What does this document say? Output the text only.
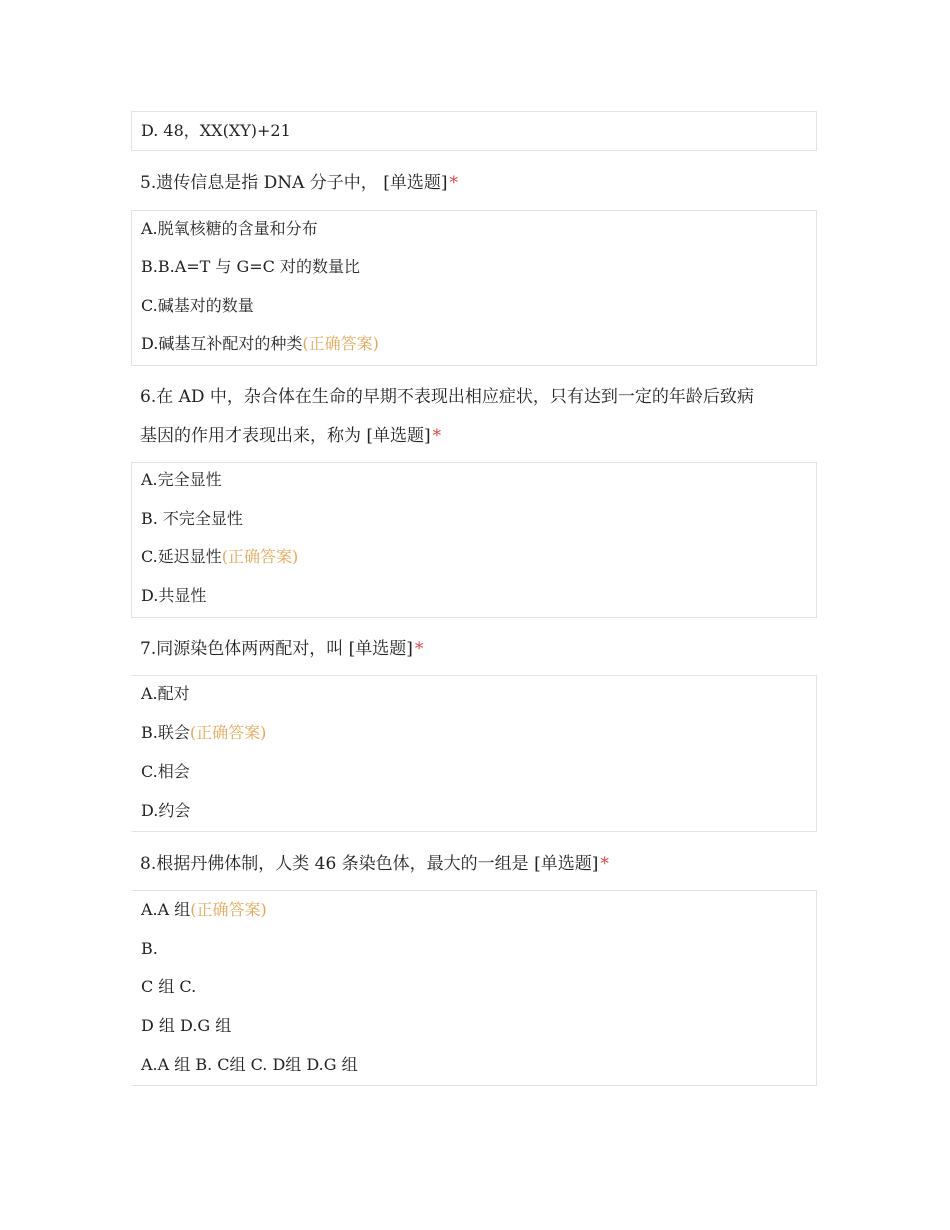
D. 48，XX(XY)+21
5.遗传信息是指 DNA 分子中， [单选题] *
A.脱氧核糖的含量和分布
B.B.A=T 与 G=C 对的数量比
C.碱基对的数量
D.碱基互补配对的种类(正确答案)
6.在 AD 中，杂合体在生命的早期不表现出相应症状，只有达到一定的年龄后致病
基因的作用才表现出来，称为 [单选题] *
A.完全显性
B. 不完全显性
C.延迟显性(正确答案)
D.共显性
7.同源染色体两两配对，叫 [单选题] *
A.配对
B.联会(正确答案)
C.相会
D.约会
8.根据丹佛体制，人类 46 条染色体，最大的一组是 [单选题] *
A.A 组(正确答案)
B.
C 组 C.
D 组 D.G 组
A.A 组 B. C组 C. D组 D.G 组
